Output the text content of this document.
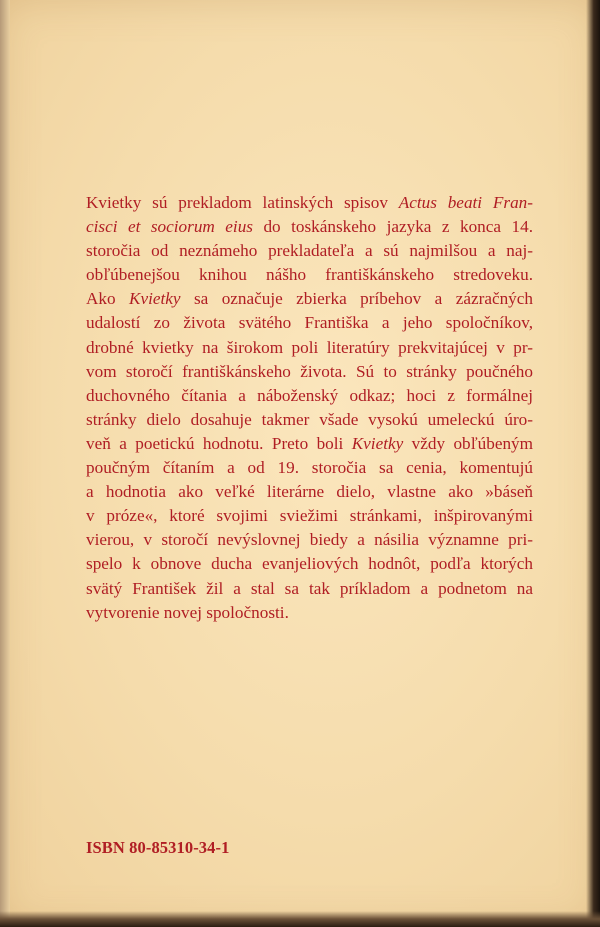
Kvietky sú prekladom latinských spisov Actus beati Fran-
cisci et sociorum eius do toskánskeho jazyka z konca 14.
storočia od neznámeho prekladateľa a sú najmilšou a naj-
obľúbenejšou knihou nášho františkánskeho stredoveku.
Ako Kvietky sa označuje zbierka príbehov a zázračných
udalostí zo života svätého Františka a jeho spoločníkov,
drobné kvietky na širokom poli literatúry prekvitajúcej v pr-
vom storočí františkánskeho života. Sú to stránky poučného
duchovného čítania a náboženský odkaz; hoci z formálnej
stránky dielo dosahuje takmer všade vysokú umeleckú úro-
veň a poetickú hodnotu. Preto boli Kvietky vždy obľúbeným
poučným čítaním a od 19. storočia sa cenia, komentujú
a hodnotia ako veľké literárne dielo, vlastne ako »báseň
v próze«, ktoré svojimi sviežimi stránkami, inšpirovanými
vierou, v storočí nevýslovnej biedy a násilia významne pri-
spelo k obnove ducha evanjeliových hodnôt, podľa ktorých
svätý František žil a stal sa tak príkladom a podnetom na
vytvorenie novej spoločnosti.
ISBN 80-85310-34-1
